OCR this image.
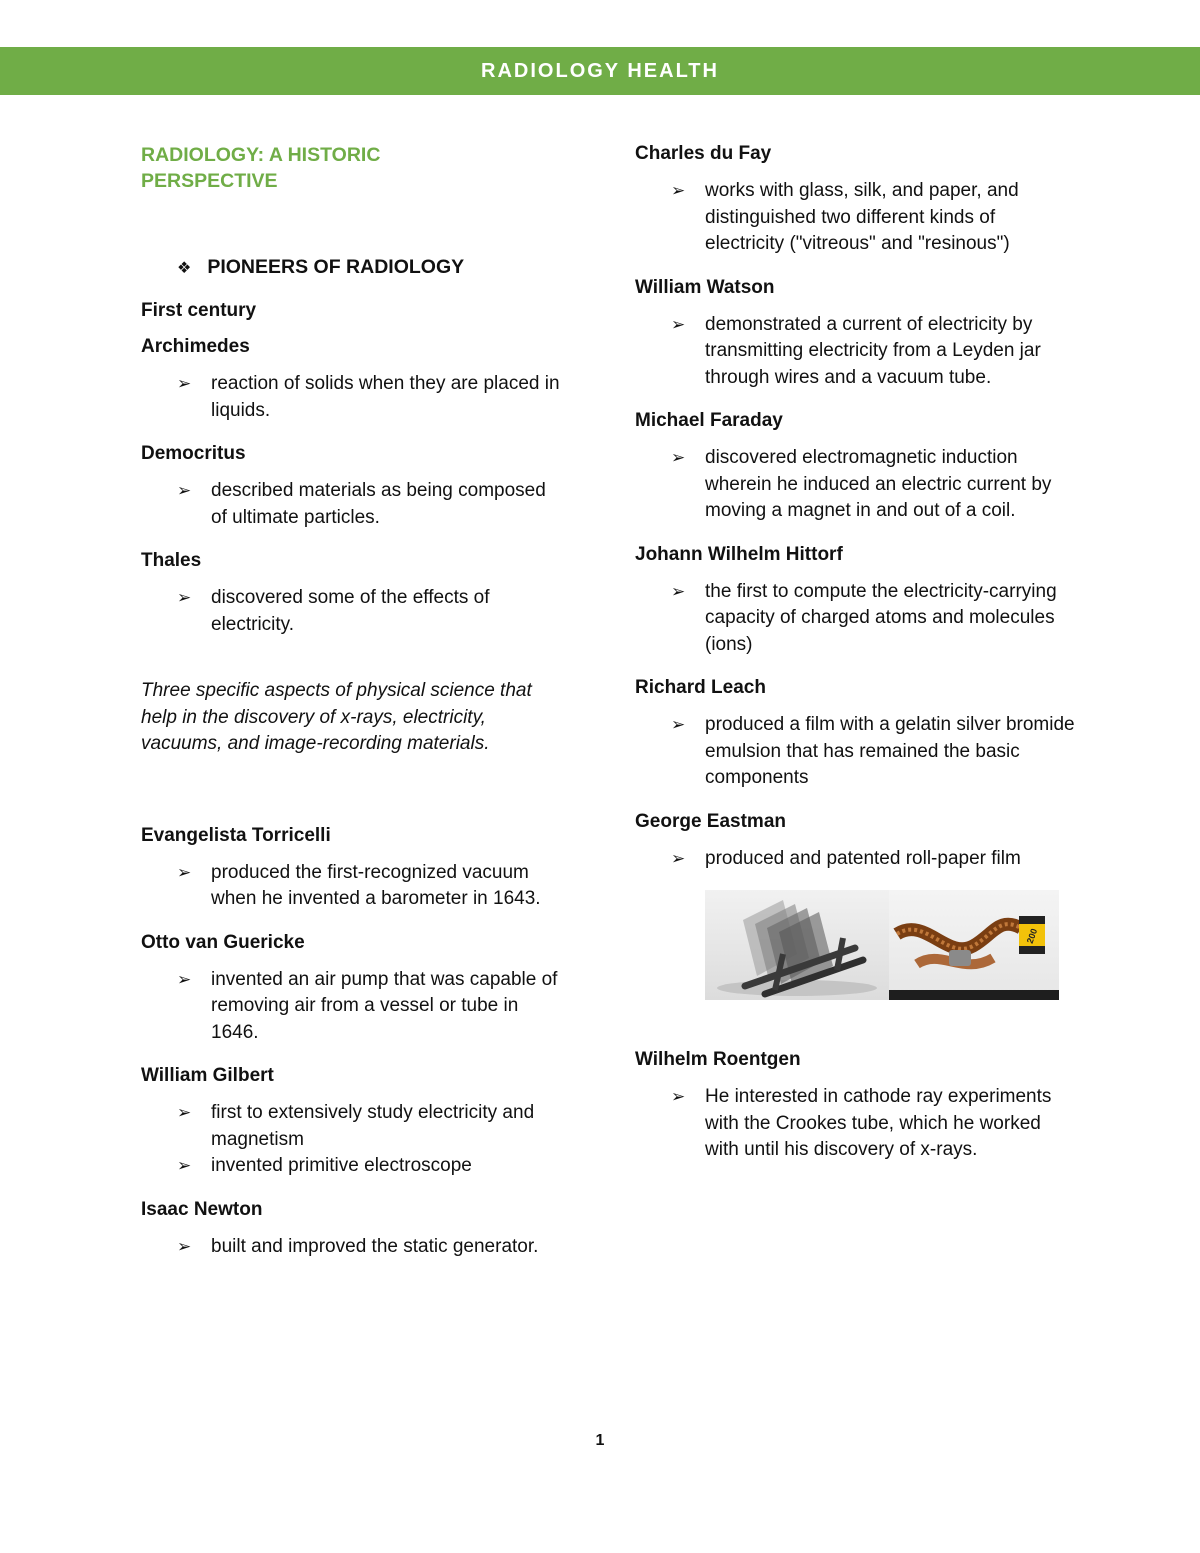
RADIOLOGY HEALTH
RADIOLOGY: A HISTORIC
PERSPECTIVE
❖ PIONEERS OF RADIOLOGY
First century
Archimedes
➢ reaction of solids when they are placed in liquids.
Democritus
➢ described materials as being composed of ultimate particles.
Thales
➢ discovered some of the effects of electricity.
Three specific aspects of physical science that help in the discovery of x-rays, electricity, vacuums, and image-recording materials.
Evangelista Torricelli
➢ produced the first-recognized vacuum when he invented a barometer in 1643.
Otto van Guericke
➢ invented an air pump that was capable of removing air from a vessel or tube in 1646.
William Gilbert
➢ first to extensively study electricity and magnetism
➢ invented primitive electroscope
Isaac Newton
➢ built and improved the static generator.
Charles du Fay
➢ works with glass, silk, and paper, and distinguished two different kinds of electricity ("vitreous" and "resinous")
William Watson
➢ demonstrated a current of electricity by transmitting electricity from a Leyden jar through wires and a vacuum tube.
Michael Faraday
➢ discovered electromagnetic induction wherein he induced an electric current by moving a magnet in and out of a coil.
Johann Wilhelm Hittorf
➢ the first to compute the electricity-carrying capacity of charged atoms and molecules (ions)
Richard Leach
➢ produced a film with a gelatin silver bromide emulsion that has remained the basic components
George Eastman
➢ produced and patented roll-paper film
200
Wilhelm Roentgen
➢ He interested in cathode ray experiments with the Crookes tube, which he worked with until his discovery of x-rays.
1
